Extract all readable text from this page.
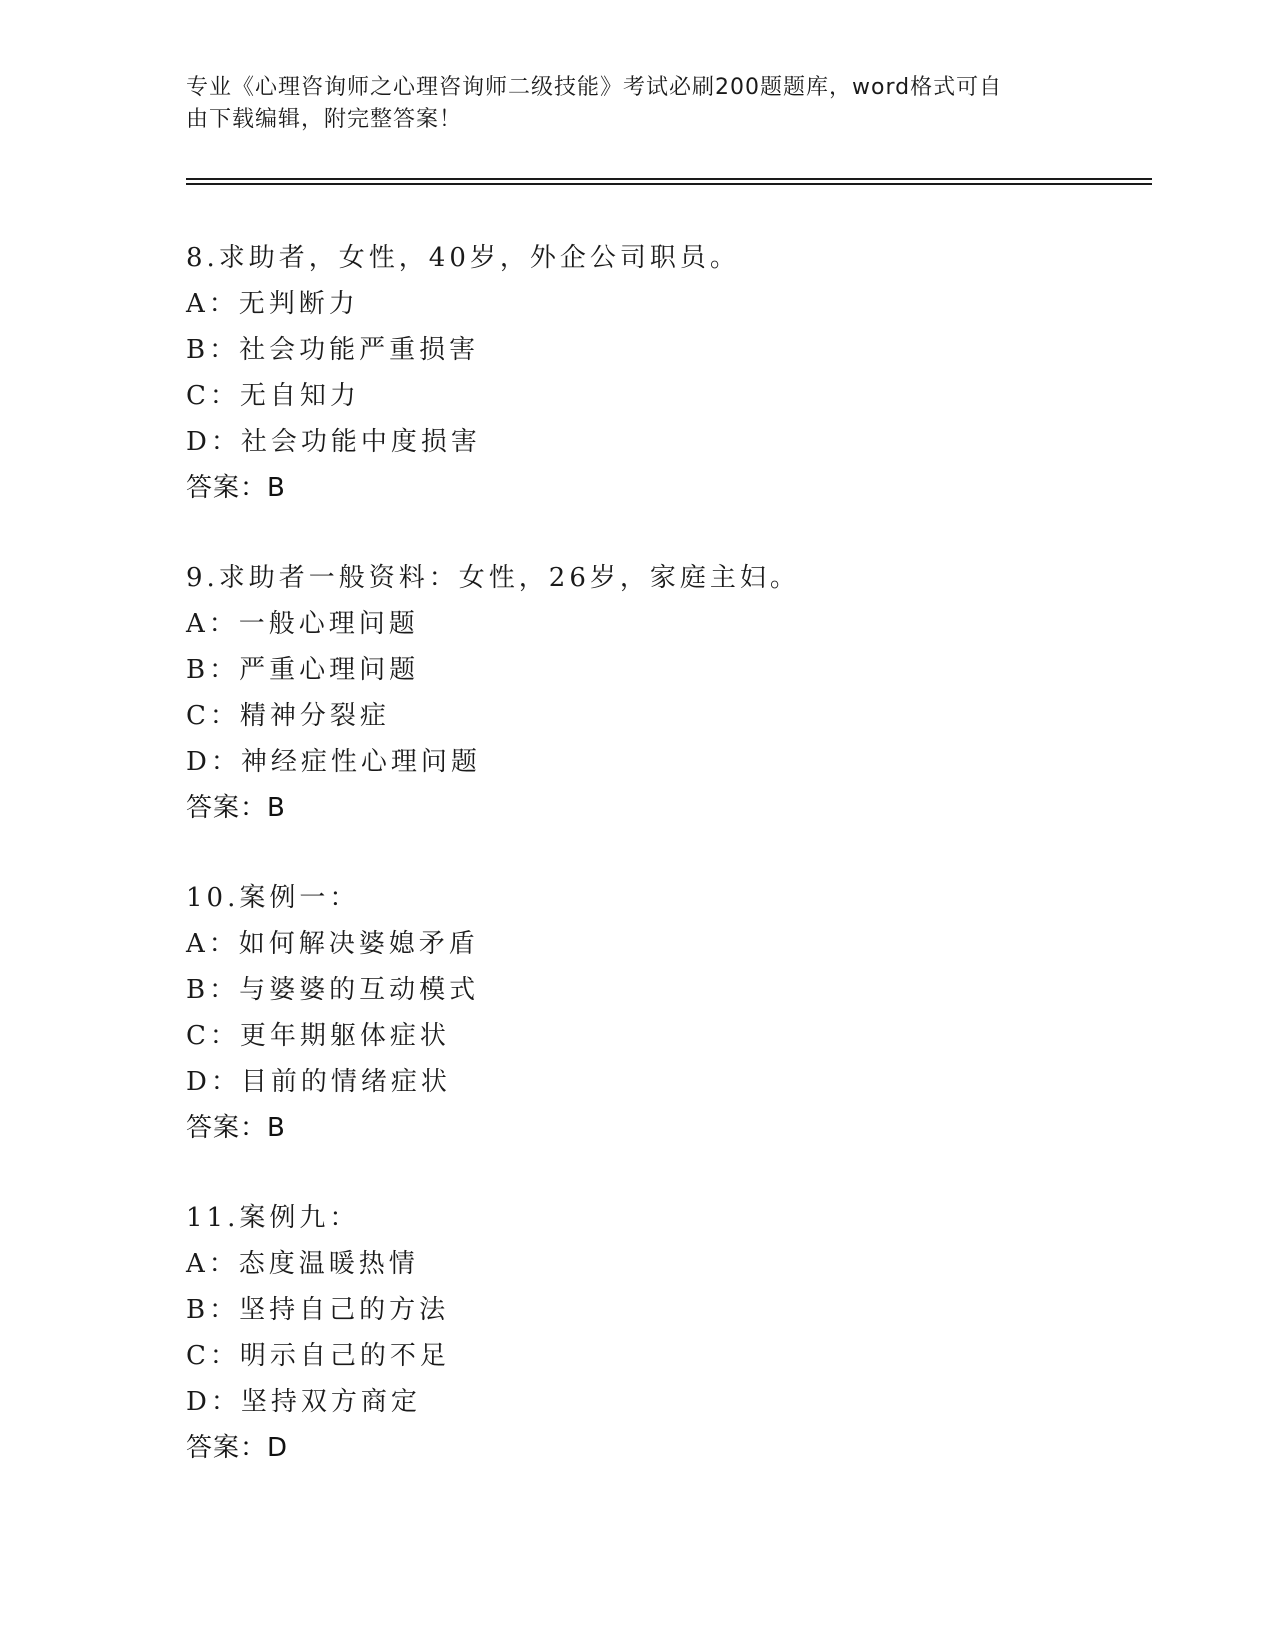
专业《心理咨询师之心理咨询师二级技能》考试必刷200题题库，word格式可自
由下载编辑，附完整答案！
8.求助者，女性，40岁，外企公司职员。
A：无判断力
B：社会功能严重损害
C：无自知力
D：社会功能中度损害
答案：B
9.求助者一般资料：女性，26岁，家庭主妇。
A：一般心理问题
B：严重心理问题
C：精神分裂症
D：神经症性心理问题
答案：B
10.案例一：
A：如何解决婆媳矛盾
B：与婆婆的互动模式
C：更年期躯体症状
D：目前的情绪症状
答案：B
11.案例九：
A：态度温暖热情
B：坚持自己的方法
C：明示自己的不足
D：坚持双方商定
答案：D
